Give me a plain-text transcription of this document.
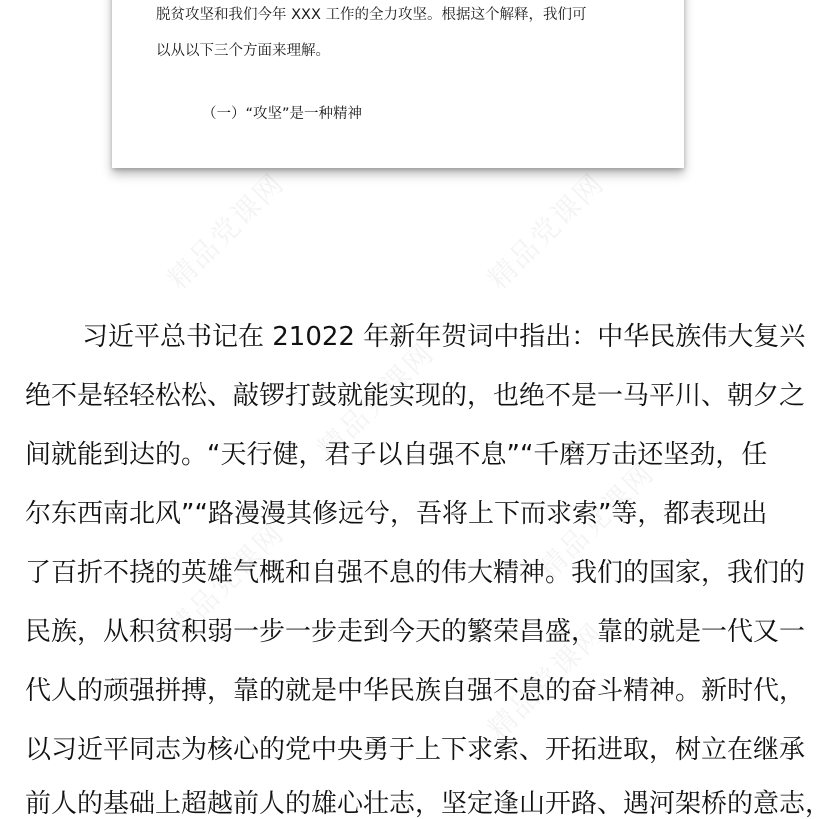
精品党课网	精品党课网
精品党课网
精品党课网
精品党课网
精品党课网
脱贫攻坚和我们今年 XXX 工作的全力攻坚。根据这个解释，我们可
以从以下三个方面来理解。
（一）“攻坚”是一种精神
习近平总书记在 21022 年新年贺词中指出：中华民族伟大复兴
绝不是轻轻松松、敲锣打鼓就能实现的，也绝不是一马平川、朝夕之
间就能到达的。“天行健，君子以自强不息”“千磨万击还坚劲，任
尔东西南北风”“路漫漫其修远兮，吾将上下而求索”等，都表现出
了百折不挠的英雄气概和自强不息的伟大精神。我们的国家，我们的
民族，从积贫积弱一步一步走到今天的繁荣昌盛，靠的就是一代又一
代人的顽强拼搏，靠的就是中华民族自强不息的奋斗精神。新时代，
以习近平同志为核心的党中央勇于上下求索、开拓进取，树立在继承
前人的基础上超越前人的雄心壮志，坚定逢山开路、遇河架桥的意志，
